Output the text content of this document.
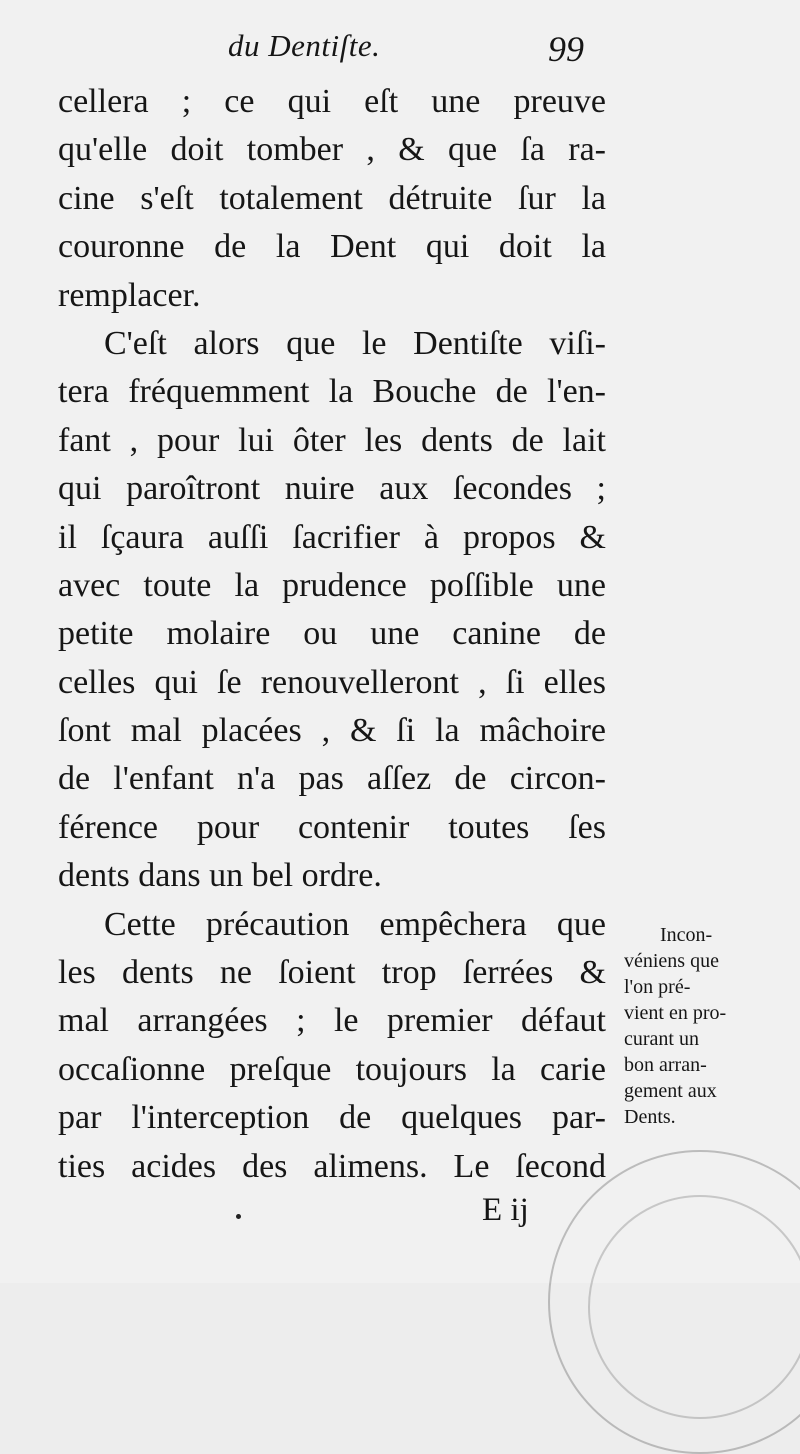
du Dentiſte.	99
cellera ; ce qui eſt une preuve
qu'elle doit tomber , & que ſa ra-
cine s'eſt totalement détruite ſur la
couronne de la Dent qui doit la
remplacer.
C'eſt alors que le Dentiſte viſi-
tera fréquemment la Bouche de l'en-
fant , pour lui ôter les dents de lait
qui paroîtront nuire aux ſecondes ;
il ſçaura auſſi ſacrifier à propos &
avec toute la prudence poſſible une
petite molaire ou une canine de
celles qui ſe renouvelleront , ſi elles
ſont mal placées , & ſi la mâchoire
de l'enfant n'a pas aſſez de circon-
férence pour contenir toutes ſes
dents dans un bel ordre.
Cette précaution empêchera que
les dents ne ſoient trop ſerrées &
mal arrangées ; le premier défaut
occaſionne preſque toujours la carie
par l'interception de quelques par-
ties acides des alimens. Le ſecond
Incon-
véniens que
l'on pré-
vient en pro-
curant un
bon arran-
gement aux
Dents.
E ij
